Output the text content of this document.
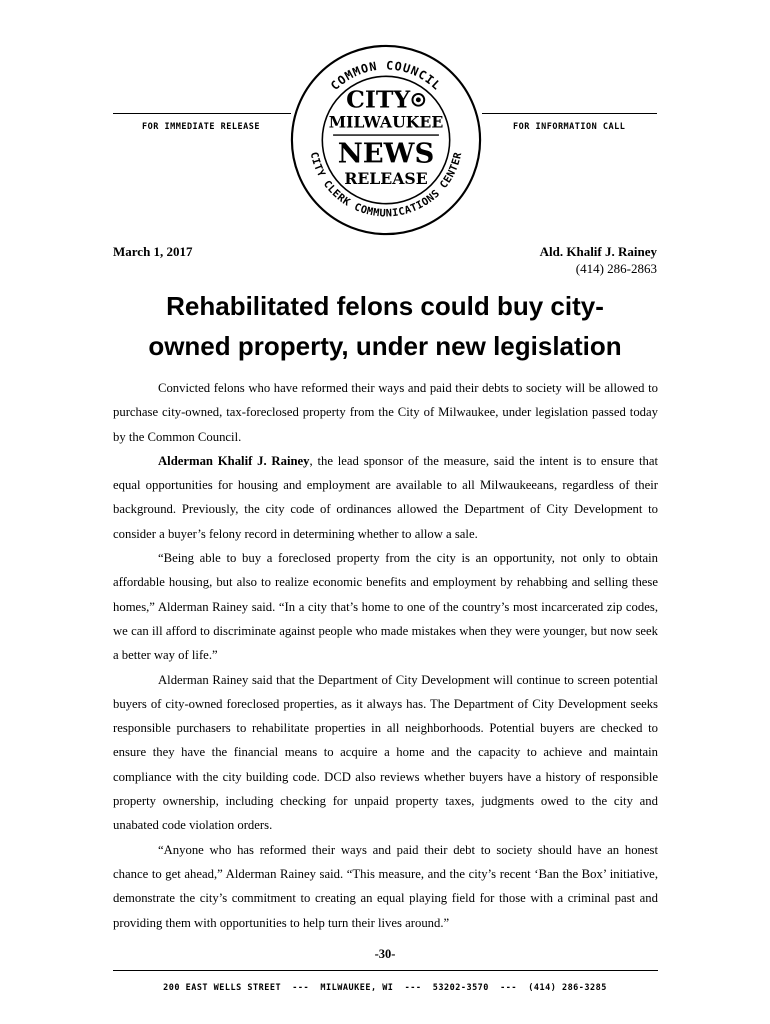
FOR IMMEDIATE RELEASE	FOR INFORMATION CALL
COMMON COUNCIL
CITY CLERK COMMUNICATIONS CENTER
CITY
MILWAUKEE
NEWS
RELEASE
March 1, 2017	Ald. Khalif J. Rainey
(414) 286-2863
Rehabilitated felons could buy city-
owned property, under new legislation

Convicted felons who have reformed their ways and paid their debts to society will be allowed to purchase city-owned, tax-foreclosed property from the City of Milwaukee, under legislation passed today by the Common Council.

Alderman Khalif J. Rainey, the lead sponsor of the measure, said the intent is to ensure that equal opportunities for housing and employment are available to all Milwaukeeans, regardless of their background. Previously, the city code of ordinances allowed the Department of City Development to consider a buyer’s felony record in determining whether to allow a sale.

“Being able to buy a foreclosed property from the city is an opportunity, not only to obtain affordable housing, but also to realize economic benefits and employment by rehabbing and selling these homes,” Alderman Rainey said. “In a city that’s home to one of the country’s most incarcerated zip codes, we can ill afford to discriminate against people who made mistakes when they were younger, but now seek a better way of life.”

Alderman Rainey said that the Department of City Development will continue to screen potential buyers of city-owned foreclosed properties, as it always has. The Department of City Development seeks responsible purchasers to rehabilitate properties in all neighborhoods. Potential buyers are checked to ensure they have the financial means to acquire a home and the capacity to achieve and maintain compliance with the city building code. DCD also reviews whether buyers have a history of responsible property ownership, including checking for unpaid property taxes, judgments owed to the city and unabated code violation orders.

“Anyone who has reformed their ways and paid their debt to society should have an honest chance to get ahead,” Alderman Rainey said. “This measure, and the city’s recent ‘Ban the Box’ initiative, demonstrate the city’s commitment to creating an equal playing field for those with a criminal past and providing them with opportunities to help turn their lives around.”

-30-
200 EAST WELLS STREET  ---  MILWAUKEE, WI  ---  53202-3570  ---  (414) 286-3285
